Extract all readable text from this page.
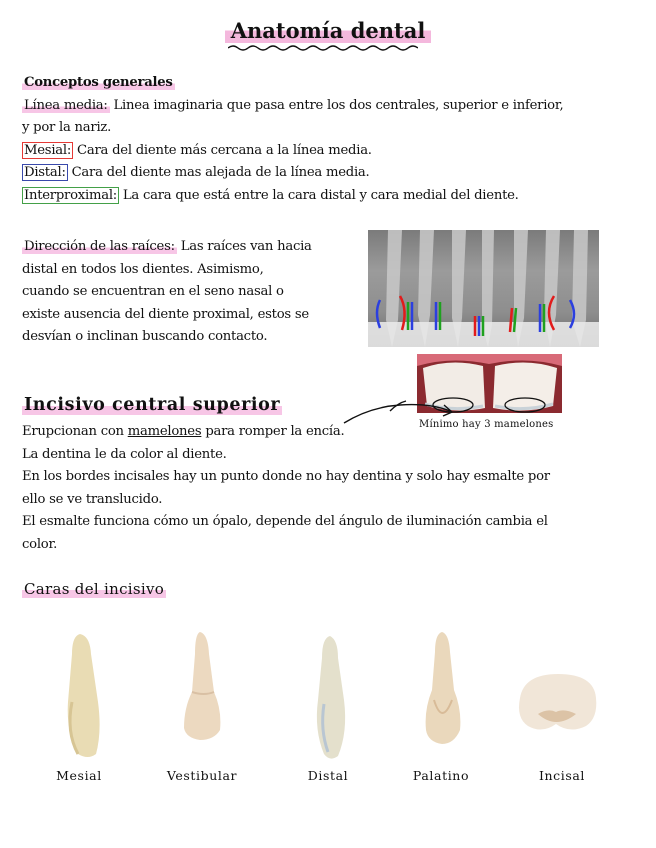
Anatomía dental
Conceptos generales
Línea media: Linea imaginaria que pasa entre los dos centrales, superior e inferior,
y por la nariz.
Mesial: Cara del diente más cercana a la línea media.
Distal: Cara del diente mas alejada de la línea media.
Interproximal: La cara que está entre la cara distal y cara medial del diente.
Dirección de las raíces: Las raíces van hacia
distal en todos los dientes. Asimismo,
cuando se encuentran en el seno nasal o
existe ausencia del diente proximal, estos se
desvían o inclinan buscando contacto.
Mínimo hay 3 mamelones
Incisivo central superior
Erupcionan con mamelones para romper la encía.
La dentina le da color al diente.
En los bordes incisales hay un punto donde no hay dentina y solo hay esmalte por
ello se ve translucido.
El esmalte funciona cómo un ópalo, depende del ángulo de iluminación cambia el
color.
Caras del incisivo
Mesial	Vestibular	Distal	Palatino	Incisal
